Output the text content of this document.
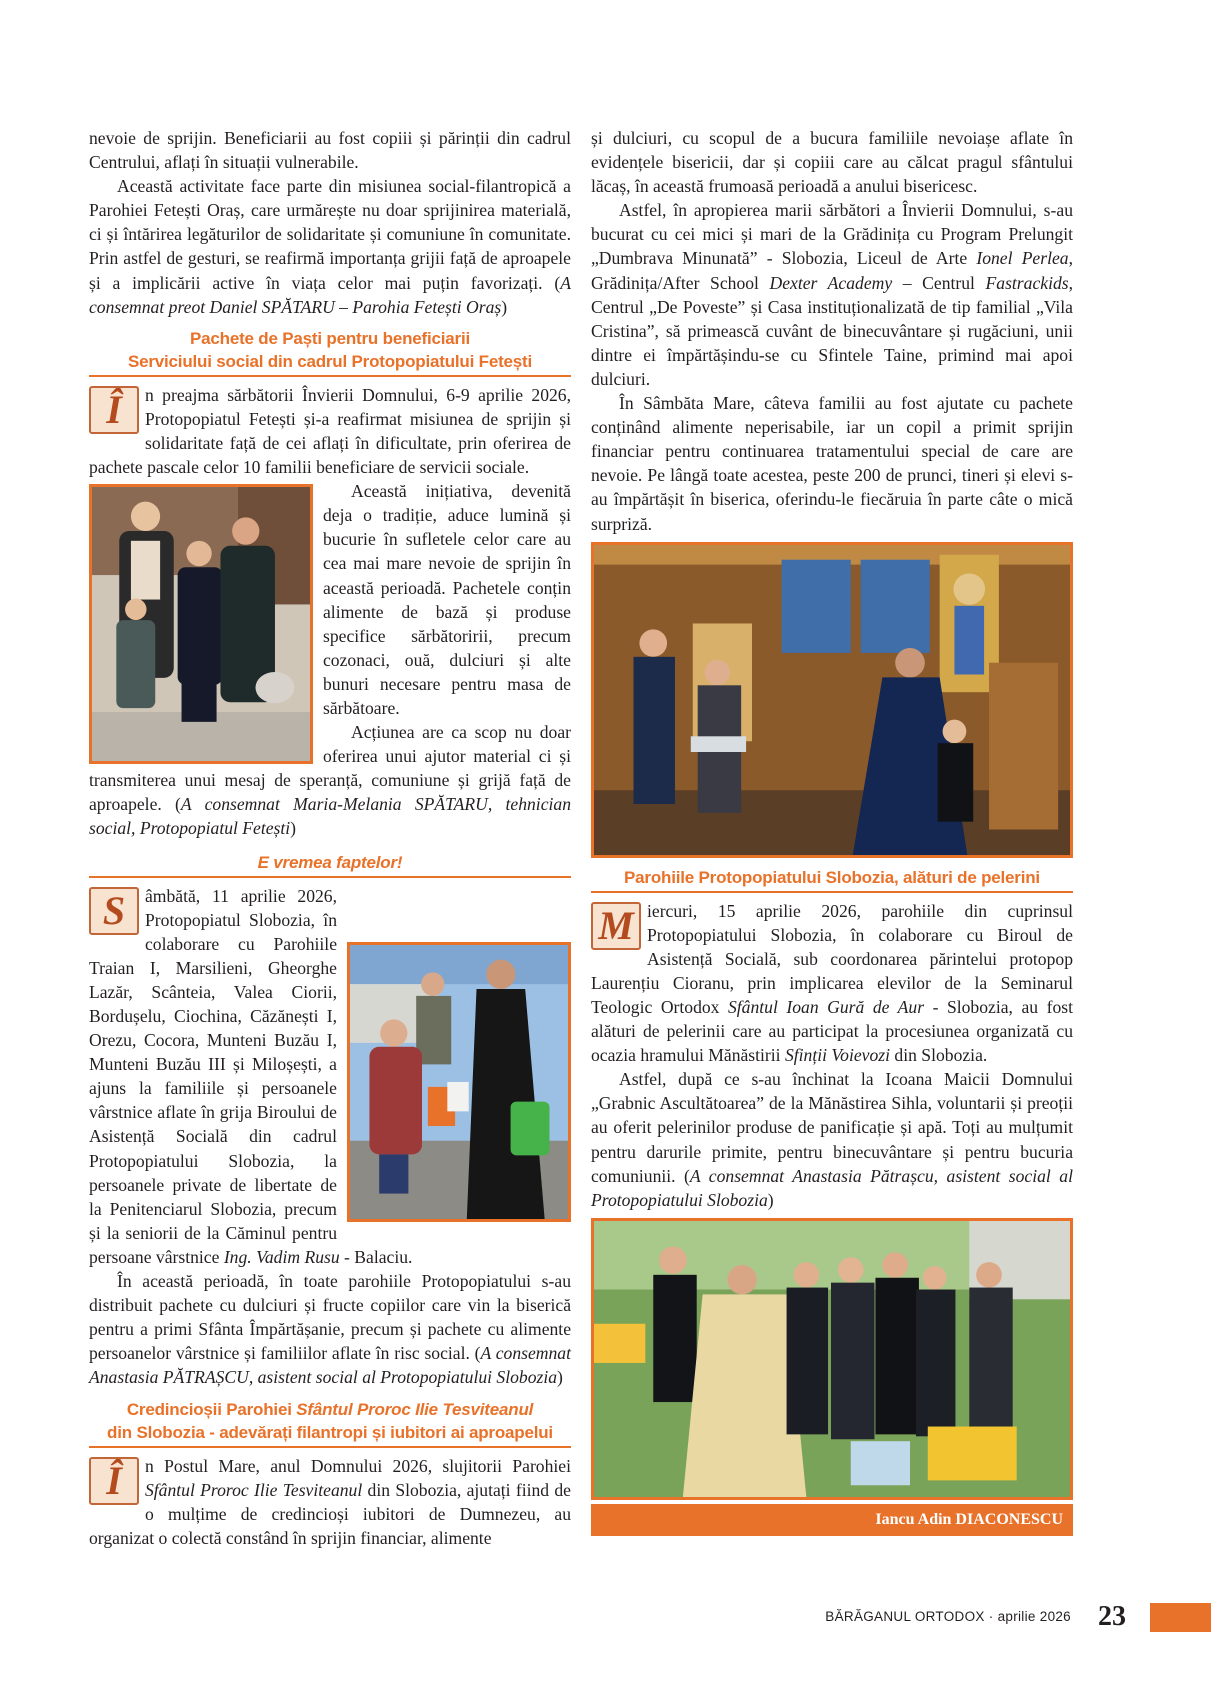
nevoie de sprijin. Beneficiarii au fost copiii și părinții din cadrul Centrului, aflați în situații vulnerabile.

Această activitate face parte din misiunea social-filantropică a Parohiei Fetești Oraș, care urmărește nu doar sprijinirea materială, ci și întărirea legăturilor de solidaritate și comuniune în comunitate. Prin astfel de gesturi, se reafirmă importanța grijii față de aproapele și a implicării active în viața celor mai puțin favorizați. (A consemnat preot Daniel SPĂTARU – Parohia Fetești Oraș)

Pachete de Paști pentru beneficiarii
Serviciului social din cadrul Protopopiatului Fetești

Î	n preajma sărbătorii Învierii Domnului, 6-9 aprilie 2026, Protopopiatul Fetești și-a reafirmat misiunea de sprijin și solidaritate față de cei aflați în dificultate, prin oferirea de pachete pascale celor 10 familii beneficiare de servicii sociale.

Această inițiativa, devenită deja o tradiție, aduce lumină și bucurie în sufletele celor care au cea mai mare nevoie de sprijin în această perioadă. Pachetele conțin alimente de bază și produse specifice sărbătoririi, precum cozonaci, ouă, dulciuri și alte bunuri necesare pentru masa de sărbătoare.

Acțiunea are ca scop nu doar oferirea unui ajutor material ci și transmiterea unui mesaj de speranță, comuniune și grijă față de aproapele. (A consemnat Maria-Melania SPĂTARU, tehnician social, Protopopiatul Fetești)

E vremea faptelor!

S	âmbătă, 11 aprilie 2026, Protopopiatul Slobozia, în colaborare cu Parohiile Traian I, Marsilieni, Gheorghe Lazăr, Scânteia, Valea Ciorii, Bordușelu, Ciochina, Căzănești I, Orezu, Cocora, Munteni Buzău I, Munteni Buzău III și Miloșești, a ajuns la familiile și persoanele vârstnice aflate în grija Biroului de Asistență Socială din cadrul Protopopiatului Slobozia, la persoanele private de libertate de la Penitenciarul Slobozia, precum și la seniorii de la Căminul pentru persoane vârstnice Ing. Vadim Rusu - Balaciu.

În această perioadă, în toate parohiile Protopopiatului s-au distribuit pachete cu dulciuri și fructe copiilor care vin la biserică pentru a primi Sfânta Împărtășanie, precum și pachete cu alimente persoanelor vârstnice și familiilor aflate în risc social. (A consemnat Anastasia PĂTRAȘCU, asistent social al Protopopiatului Slobozia)

Credincioșii Parohiei Sfântul Proroc Ilie Tesviteanul
din Slobozia - adevărați filantropi și iubitori ai aproapelui

Î	n Postul Mare, anul Domnului 2026, slujitorii Parohiei Sfântul Proroc Ilie Tesviteanul din Slobozia, ajutați fiind de o mulțime de credincioși iubitori de Dumnezeu, au organizat o colectă constând în sprijin financiar, alimente

și dulciuri, cu scopul de a bucura familiile nevoiașe aflate în evidențele bisericii, dar și copiii care au călcat pragul sfântului lăcaș, în această frumoasă perioadă a anului bisericesc.

Astfel, în apropierea marii sărbători a Învierii Domnului, s-au bucurat cu cei mici și mari de la Grădinița cu Program Prelungit „Dumbrava Minunată” - Slobozia, Liceul de Arte Ionel Perlea, Grădinița/After School Dexter Academy – Centrul Fastrackids, Centrul „De Poveste” și Casa instituționalizată de tip familial „Vila Cristina”, să primească cuvânt de binecuvântare și rugăciuni, unii dintre ei împărtășindu-se cu Sfintele Taine, primind mai apoi dulciuri.

În Sâmbăta Mare, câteva familii au fost ajutate cu pachete conținând alimente neperisabile, iar un copil a primit sprijin financiar pentru continuarea tratamentului special de care are nevoie. Pe lângă toate acestea, peste 200 de prunci, tineri și elevi s-au împărtășit în biserica, oferindu-le fiecăruia în parte câte o mică surpriză.

Parohiile Protopopiatului Slobozia, alături de pelerini

M iercuri, 15 aprilie 2026, parohiile din cuprinsul Protopopiatului Slobozia, în colaborare cu Biroul de Asistență Socială, sub coordonarea părintelui protopop Laurențiu Cioranu, prin implicarea elevilor de la Seminarul Teologic Ortodox Sfântul Ioan Gură de Aur - Slobozia, au fost alături de pelerinii care au participat la procesiunea organizată cu ocazia hramului Mănăstirii Sfinții Voievozi din Slobozia.

Astfel, după ce s-au închinat la Icoana Maicii Domnului „Grabnic Ascultătoarea” de la Mănăstirea Sihla, voluntarii și preoții au oferit pelerinilor produse de panificație și apă. Toți au mulțumit pentru darurile primite, pentru binecuvântare și pentru bucuria comuniunii. (A consemnat Anastasia Pătrașcu, asistent social al Protopopiatului Slobozia)

Iancu Adin DIACONESCU
BĂRĂGANUL ORTODOX · aprilie 2026 23
